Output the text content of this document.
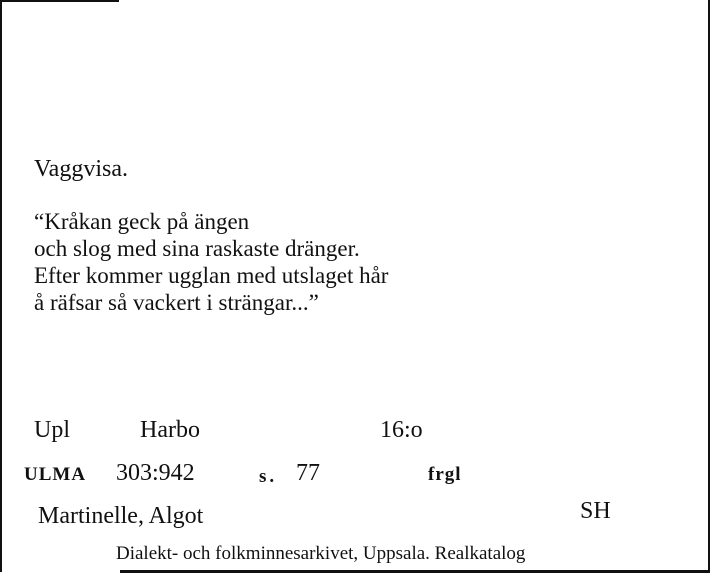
Vaggvisa.
“Kråkan geck på ängen
och slog med sina raskaste dränger.
Efter kommer ugglan med utslaget hår
å räfsar så vackert i strängar...”
Upl	Harbo	16:o
ULMA 303:942	s. 77	frgl
Martinelle, Algot	SH
Dialekt- och folkminnesarkivet, Uppsala. Realkatalog
